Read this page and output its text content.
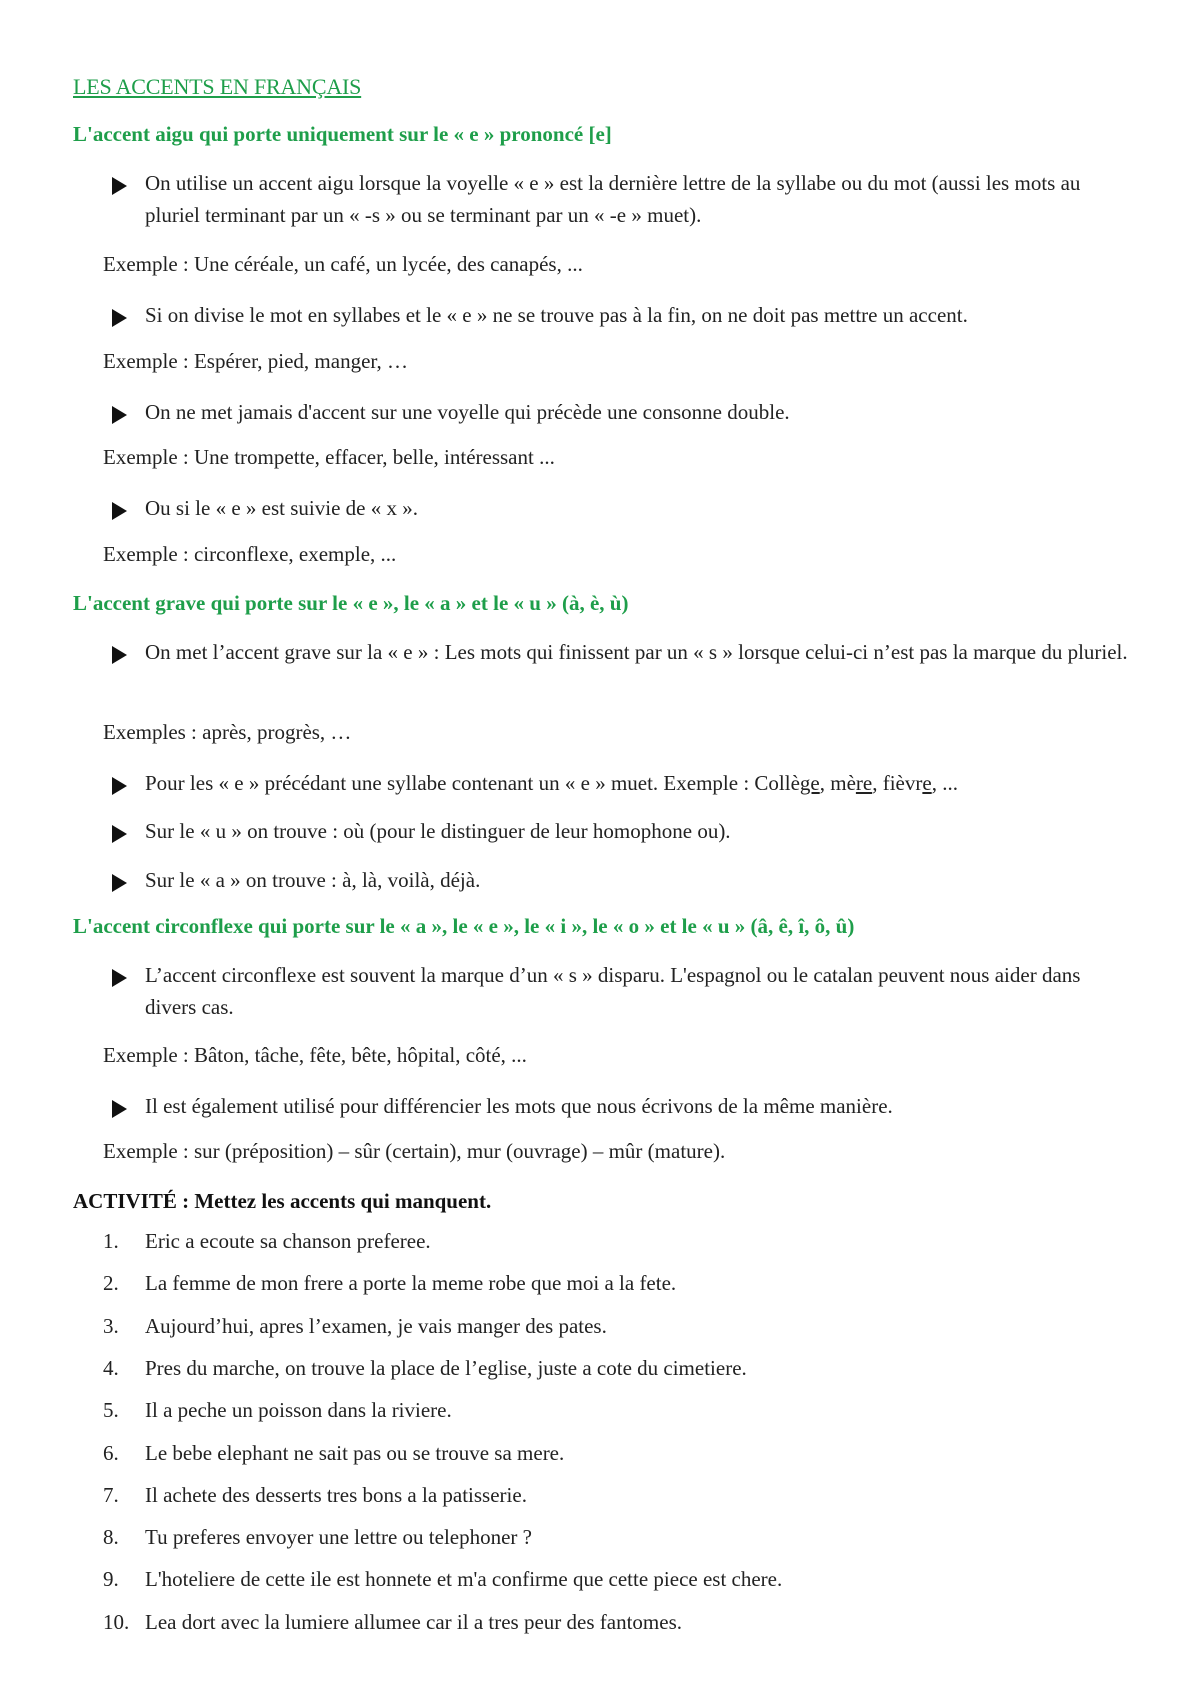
LES ACCENTS EN FRANÇAIS
L'accent aigu qui porte uniquement sur le « e » prononcé [e]
On utilise un accent aigu lorsque la voyelle « e » est la dernière lettre de la syllabe ou du mot (aussi les mots au pluriel terminant par un « -s » ou se terminant par un « -e » muet).
Exemple : Une céréale, un café, un lycée, des canapés, ...
Si on divise le mot en syllabes et le « e » ne se trouve pas à la fin, on ne doit pas mettre un accent.
Exemple : Espérer, pied, manger, …
On ne met jamais d'accent sur une voyelle qui précède une consonne double.
Exemple : Une trompette, effacer, belle, intéressant ...
Ou si le « e » est suivie de « x ».
Exemple : circonflexe, exemple, ...
L'accent grave qui porte sur le « e », le « a » et le « u » (à, è, ù)
On met l’accent grave sur la « e » : Les mots qui finissent par un « s » lorsque celui-ci n’est pas la marque du pluriel.
Exemples : après, progrès, …
Pour les « e » précédant une syllabe contenant un « e » muet. Exemple : Collège, mère, fièvre, ...
Sur le « u » on trouve : où (pour le distinguer de leur homophone ou).
Sur le « a » on trouve : à, là, voilà, déjà.
L'accent circonflexe qui porte sur le « a », le « e », le « i », le « o » et le « u » (â, ê, î, ô, û)
L’accent circonflexe est souvent la marque d’un « s » disparu. L'espagnol ou le catalan peuvent nous aider dans divers cas.
Exemple : Bâton, tâche, fête, bête, hôpital, côté, ...
Il est également utilisé pour différencier les mots que nous écrivons de la même manière.
Exemple : sur (préposition) – sûr (certain), mur (ouvrage) – mûr (mature).
ACTIVITÉ : Mettez les accents qui manquent.
1. Eric a ecoute sa chanson preferee.
2. La femme de mon frere a porte la meme robe que moi a la fete.
3. Aujourd’hui, apres l’examen, je vais manger des pates.
4. Pres du marche, on trouve la place de l’eglise, juste a cote du cimetiere.
5. Il a peche un poisson dans la riviere.
6. Le bebe elephant ne sait pas ou se trouve sa mere.
7. Il achete des desserts tres bons a la patisserie.
8. Tu preferes envoyer une lettre ou telephoner ?
9. L'hoteliere de cette ile est honnete et m'a confirme que cette piece est chere.
10. Lea dort avec la lumiere allumee car il a tres peur des fantomes.
